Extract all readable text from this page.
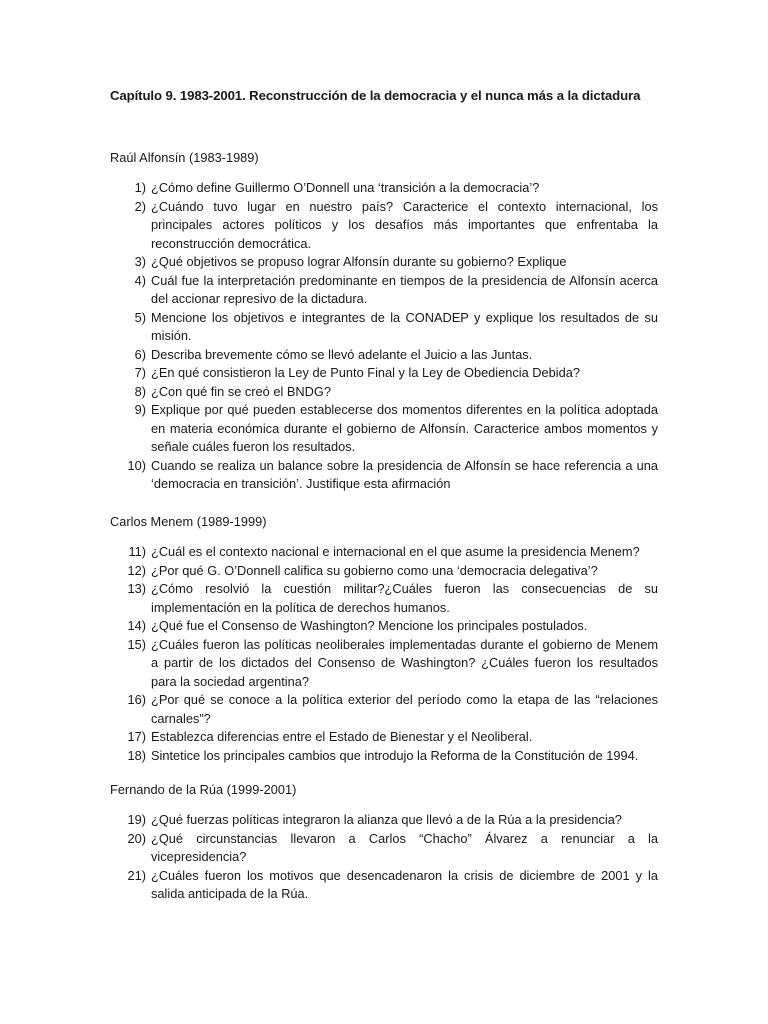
Capítulo 9. 1983-2001. Reconstrucción de la democracia y el nunca más a la dictadura
Raúl Alfonsín (1983-1989)
1) ¿Cómo define Guillermo O’Donnell una ‘transición a la democracia’?
2) ¿Cuándo tuvo lugar en nuestro país? Caracterice el contexto internacional, los principales actores políticos y los desafíos más importantes que enfrentaba la reconstrucción democrática.
3) ¿Qué objetivos se propuso lograr Alfonsín durante su gobierno? Explique
4) Cuál fue la interpretación predominante en tiempos de la presidencia de Alfonsín acerca del accionar represivo de la dictadura.
5) Mencione los objetivos e integrantes de la CONADEP y explique los resultados de su misión.
6) Describa brevemente cómo se llevó adelante el Juicio a las Juntas.
7) ¿En qué consistieron la Ley de Punto Final y la Ley de Obediencia Debida?
8) ¿Con qué fin se creó el BNDG?
9) Explique por qué pueden establecerse dos momentos diferentes en la política adoptada en materia económica durante el gobierno de Alfonsín. Caracterice ambos momentos y señale cuáles fueron los resultados.
10) Cuando se realiza un balance sobre la presidencia de Alfonsín se hace referencia a una ‘democracia en transición’. Justifique esta afirmación
Carlos Menem (1989-1999)
11) ¿Cuál es el contexto nacional e internacional en el que asume la presidencia Menem?
12) ¿Por qué G. O’Donnell califica su gobierno como una ‘democracia delegativa’?
13) ¿Cómo resolvió la cuestión militar?¿Cuáles fueron las consecuencias de su implementación en la política de derechos humanos.
14) ¿Qué fue el Consenso de Washington? Mencione los principales postulados.
15) ¿Cuáles fueron las políticas neoliberales implementadas durante el gobierno de Menem a partir de los dictados del Consenso de Washington? ¿Cuáles fueron los resultados para la sociedad argentina?
16) ¿Por qué se conoce a la política exterior del período como la etapa de las “relaciones carnales”?
17) Establezca diferencias entre el Estado de Bienestar y el Neoliberal.
18) Sintetice los principales cambios que introdujo la Reforma de la Constitución de 1994.
Fernando de la Rúa (1999-2001)
19) ¿Qué fuerzas políticas integraron la alianza que llevó a de la Rúa a la presidencia?
20) ¿Qué circunstancias llevaron a Carlos “Chacho” Álvarez a renunciar a la vicepresidencia?
21) ¿Cuáles fueron los motivos que desencadenaron la crisis de diciembre de 2001 y la salida anticipada de la Rúa.
